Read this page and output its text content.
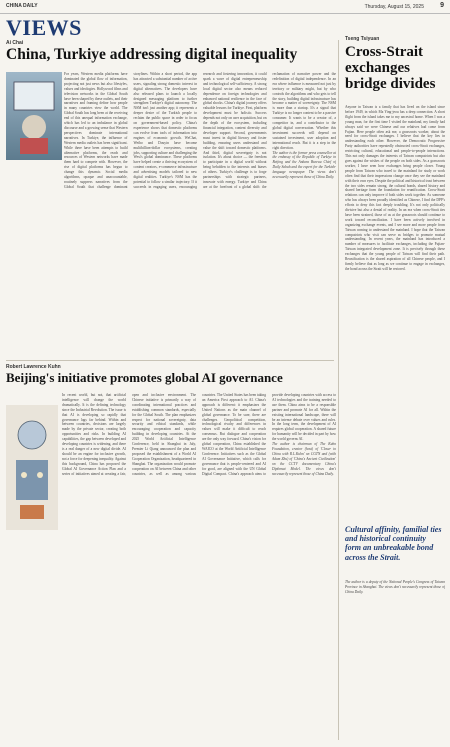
CHINA DAILY	Thursday, August 15, 2025 9
VIEWS
Ai Chai
China, Turkiye addressing digital inequality
For years, Western media platforms have dominated the global flow of information, projecting not just news but also lifestyles, values and ideologies. Hollywood films and television networks in the Global South have been shaped by these outlets, and their narratives and framing define how people in many countries view the world. The Global South has long been at the receiving end of this unequal information exchange, which has led to an imbalance in global discourse and a growing sense that Western perspectives dominate international narratives. In Turkiye, the influence of Western media outlets has been significant. While there have been attempts to build alternative platforms, the reach and resources of Western networks have made them hard to compete with. However, the rise of digital platforms has begun to change this dynamic. Social media algorithms, opaque and unaccountable, routinely suppress narratives from the Global South that challenge dominant storylines. Within a short period, the app has attracted a substantial number of active users, signaling strong domestic interest in digital alternatives. The developers have also released plans to launch a locally designed messaging platform to further strengthen Turkiye's digital autonomy. The NSM isn't just another app; it represents a deeper desire of the Turkish people to reclaim the public space in order to focus on government-based policy. China's experience shows that domestic platforms can evolve from tools of information into engines of economic growth. WeChat, Weibo and Douyin have become multibillion-dollar ecosystems, creating jobs, supporting culture and challenging the West's global dominance. These platforms have helped create a thriving ecosystem of content creators, e-commerce infrastructure and advertising models tailored to new digital realities. Turkiye's NSM has the potential to follow a similar trajectory. If it succeeds in engaging users, encouraging research and fostering innovation, it could spark a wave of digital entrepreneurship and technological self-sufficiency. A strong local digital sector also means reduced dependence on foreign technologies and enhanced national resilience in the face of global shocks. China's digital journey offers valuable lessons for Turkiye. First, platform development must be holistic. Success depends not only on user acquisition, but on the depth of the ecosystem, including financial integration, content diversity and developer support. Second, governments must invest in digital literacy and foster building, ensuring users understand and value the shift toward domestic platforms. And third, digital sovereignty is not isolation. It's about choice — the freedom to participate in a digital world without being beholden to the interests and biases of others. Turkiye's challenge is to forge partnerships with strategic partners, innovate with energy. Turkiye and China are at the forefront of a global shift: the reclamation of narrative power and the redefinition of digital independence. In an era where influence is measured not just by territory or military might, but by who controls the algorithms and who gets to tell the story, building digital infrastructure has become a matter of sovereignty. The NSM is more than a startup. It's a signal that Turkiye is no longer content to be a passive consumer. It wants to be a creator of, a competitor in, and a contributor to the global digital conversation. Whether this investment succeeds will depend on sustained investment, user adoption and international reach. But it is a step in the right direction.
The author is the former press counsellor at the embassy of the Republic of Turkiye in Beijing and the Ankara Bureau Chief of Daily Sabah and the expert for the Turkish-language newspaper. The views don't necessarily represent those of China Daily.
Robert Lawrence Kuhn
Beijing's initiative promotes global AI governance
In recent world, but not, that artificial intelligence will change the world dramatically. It is the defining technology since the Industrial Revolution. The issue is that AI is developing so rapidly that governance lags far behind. Within and between countries, decisions are largely made by the private sector, creating both opportunities and risks. In building AI capabilities, the gap between developed and developing countries is widening, and there is a real danger of a new digital divide. AI should be an engine for inclusive growth, not a force for deepening inequality. Against this background, China has proposed the Global AI Governance Action Plan and a series of initiatives aimed at creating a fair, open and inclusive environment. The Chinese initiative is primarily a way of coordinating international practices and establishing common standards, especially for the Global South. The plan emphasizes respect for national sovereignty, data security and ethical standards, while encouraging cooperation and capacity building in developing countries. At the 2025 World Artificial Intelligence Conference, held in Shanghai in July, Premier Li Qiang announced the plan and proposed the establishment of a World AI Cooperation Organization, headquartered in Shanghai. The organization would promote cooperation on AI between China and other countries, as well as among various countries. The United States has been taking an America First approach to AI. China's approach is different: it emphasizes the United Nations as the main channel of global governance. To be sure, there are challenges. Geopolitical competition, technological rivalry and differences in values will make it difficult to reach consensus. But dialogue and cooperation are the only way forward. China's vision for global cooperation, China established the WAICO at the World Artificial Intelligence Conference. Initiatives such as the Global AI Governance Initiative, which calls for governance that is people-centered and AI for good, are aligned with the UN Global Digital Compact. China's approach aims to provide developing countries with access to AI technologies and the training needed to use them. China aims to be a responsible partner and promote AI for all. Within the existing international landscape, there will be an intense debate over values and rules. In the long term, the development of AI requires global cooperation. A shared future for humanity will be decided in part by how the world governs AI.
The author is chairman of The Kuhn Foundation, creator (host) of 'Closer to China with R.L.Kuhn' on CGTN and (with Adam Zhu) of 'China's Ancient Civilization' on the CCTV documentary China's Diplomat Model. The views don't necessarily represent those of China Daily.
Tseng Tsiyuan
Cross-Strait exchanges bridge divides
Anyone in Taiwan is a family that has lived on the island since before 1949, in which Ma Ying-jeou has a deep connection. A short flight from the island takes me to my ancestral home. When I was a young man, for the first time I visited the mainland, my family had always said we were Chinese and our relatives had come from Fujian. Here people often ask me, a grassroots worker, about the need for cross-Strait exchanges. I believe that the key lies in understanding each other. However, the Democratic Progressive Party authorities have repeatedly obstructed cross-Strait exchanges, restricting cultural, educational and people-to-people interactions. This not only damages the interests of Taiwan compatriots but also goes against the wishes of the people on both sides. As a grassroots worker, I have seen how exchanges bring people closer. Young people from Taiwan who travel to the mainland for study or work often find that their impressions change once they see the mainland with their own eyes. Despite the political and historical trust between the two sides remain strong, the cultural bonds, shared history and shared heritage form the foundation for reunification. Cross-Strait relations can only improve if both sides work together. As someone who has always been proudly identified as Chinese, I find the DPP's efforts to deny this fact deeply troubling. It's not only politically divisive but also a denial of reality. In an era when cross-Strait ties have been strained, those of us at the grassroots should continue to work toward reconciliation. I have been actively involved in organizing exchange events, and I see more and more people from Taiwan coming to understand the mainland. I hope that the Taiwan compatriots who visit can serve as bridges to promote mutual understanding. In recent years, the mainland has introduced a number of measures to facilitate exchanges, including the Fujian-Taiwan integrated development zone. It is precisely through these exchanges that the young people of Taiwan will find their path. Reunification is the shared aspiration of all Chinese people, and I firmly believe that as long as we continue to engage in exchanges, the bond across the Strait will be restored.
Cultural affinity, familial ties and historical continuity form an unbreakable bond across the Strait.
The author is a deputy of the National People's Congress of Taiwan Province in Shanghai. The views don't necessarily represent those of China Daily.
